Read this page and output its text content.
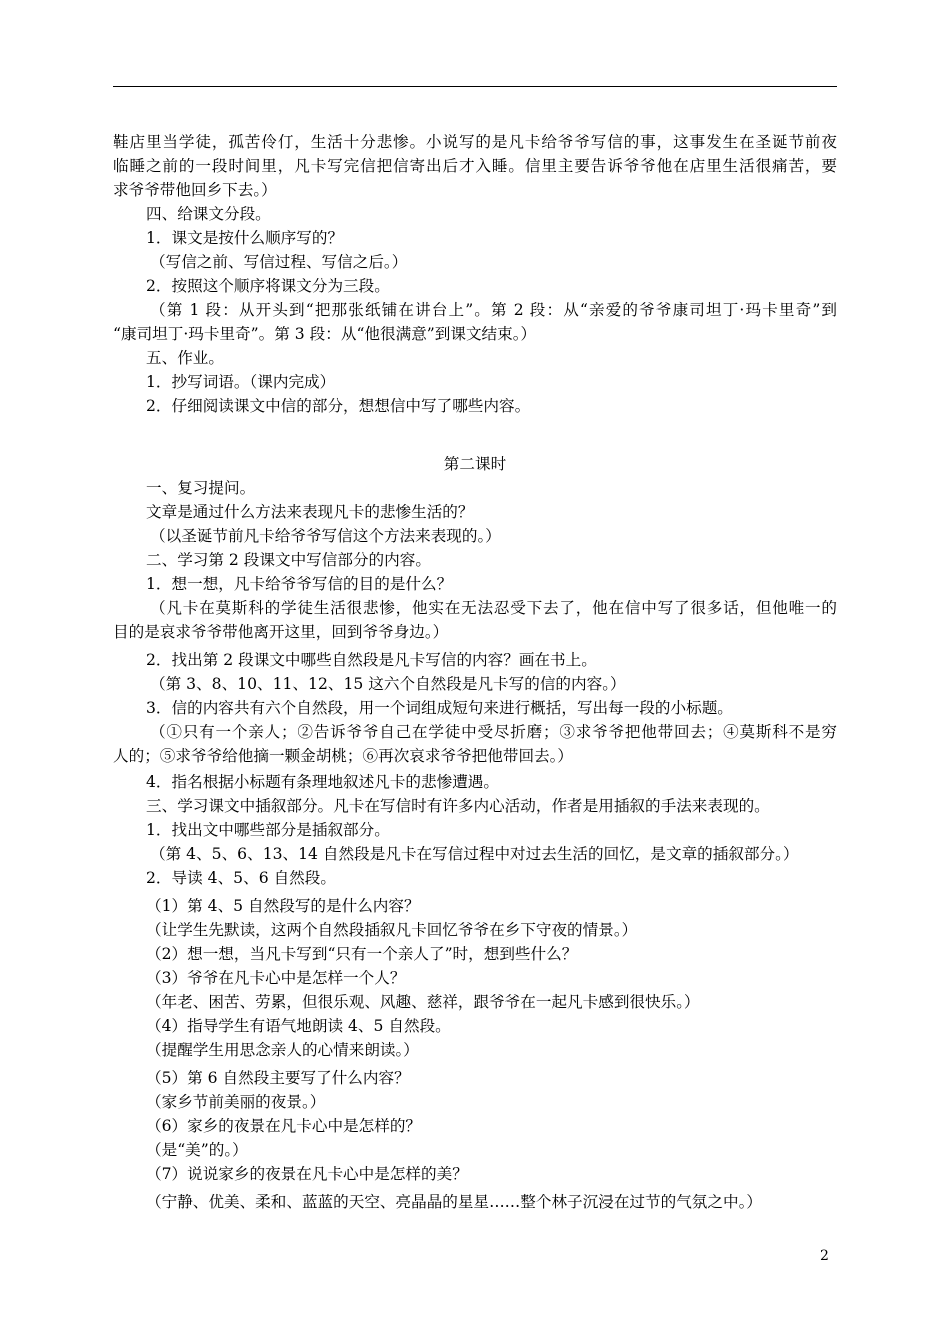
鞋店里当学徒，孤苦伶仃，生活十分悲惨。小说写的是凡卡给爷爷写信的事，这事发生在圣诞节前夜
临睡之前的一段时间里，凡卡写完信把信寄出后才入睡。信里主要告诉爷爷他在店里生活很痛苦，要
求爷爷带他回乡下去。）
四、给课文分段。
1．课文是按什么顺序写的？
（写信之前、写信过程、写信之后。）
2．按照这个顺序将课文分为三段。
（第 1 段：从开头到“把那张纸铺在讲台上”。第 2 段：从“亲爱的爷爷康司坦丁·玛卡里奇”到
“康司坦丁·玛卡里奇”。第 3 段：从“他很满意”到课文结束。）
五、作业。
1．抄写词语。（课内完成）
2．仔细阅读课文中信的部分，想想信中写了哪些内容。
第二课时
一、复习提问。
文章是通过什么方法来表现凡卡的悲惨生活的？
（以圣诞节前凡卡给爷爷写信这个方法来表现的。）
二、学习第 2 段课文中写信部分的内容。
1．想一想，凡卡给爷爷写信的目的是什么？
（凡卡在莫斯科的学徒生活很悲惨，他实在无法忍受下去了，他在信中写了很多话，但他唯一的
目的是哀求爷爷带他离开这里，回到爷爷身边。）
2．找出第 2 段课文中哪些自然段是凡卡写信的内容？画在书上。
（第 3、8、10、11、12、15 这六个自然段是凡卡写的信的内容。）
3．信的内容共有六个自然段，用一个词组成短句来进行概括，写出每一段的小标题。
（①只有一个亲人；②告诉爷爷自己在学徒中受尽折磨；③求爷爷把他带回去；④莫斯科不是穷
人的；⑤求爷爷给他摘一颗金胡桃；⑥再次哀求爷爷把他带回去。）
4．指名根据小标题有条理地叙述凡卡的悲惨遭遇。
三、学习课文中插叙部分。凡卡在写信时有许多内心活动，作者是用插叙的手法来表现的。
1．找出文中哪些部分是插叙部分。
（第 4、5、6、13、14 自然段是凡卡在写信过程中对过去生活的回忆，是文章的插叙部分。）
2．导读 4、5、6 自然段。
（1）第 4、5 自然段写的是什么内容？
（让学生先默读，这两个自然段插叙凡卡回忆爷爷在乡下守夜的情景。）
（2）想一想，当凡卡写到“只有一个亲人了”时，想到些什么？
（3）爷爷在凡卡心中是怎样一个人？
（年老、困苦、劳累，但很乐观、风趣、慈祥，跟爷爷在一起凡卡感到很快乐。）
（4）指导学生有语气地朗读 4、5 自然段。
（提醒学生用思念亲人的心情来朗读。）
（5）第 6 自然段主要写了什么内容？
（家乡节前美丽的夜景。）
（6）家乡的夜景在凡卡心中是怎样的？
（是“美”的。）
（7）说说家乡的夜景在凡卡心中是怎样的美？
（宁静、优美、柔和、蓝蓝的天空、亮晶晶的星星……整个林子沉浸在过节的气氛之中。）
2
